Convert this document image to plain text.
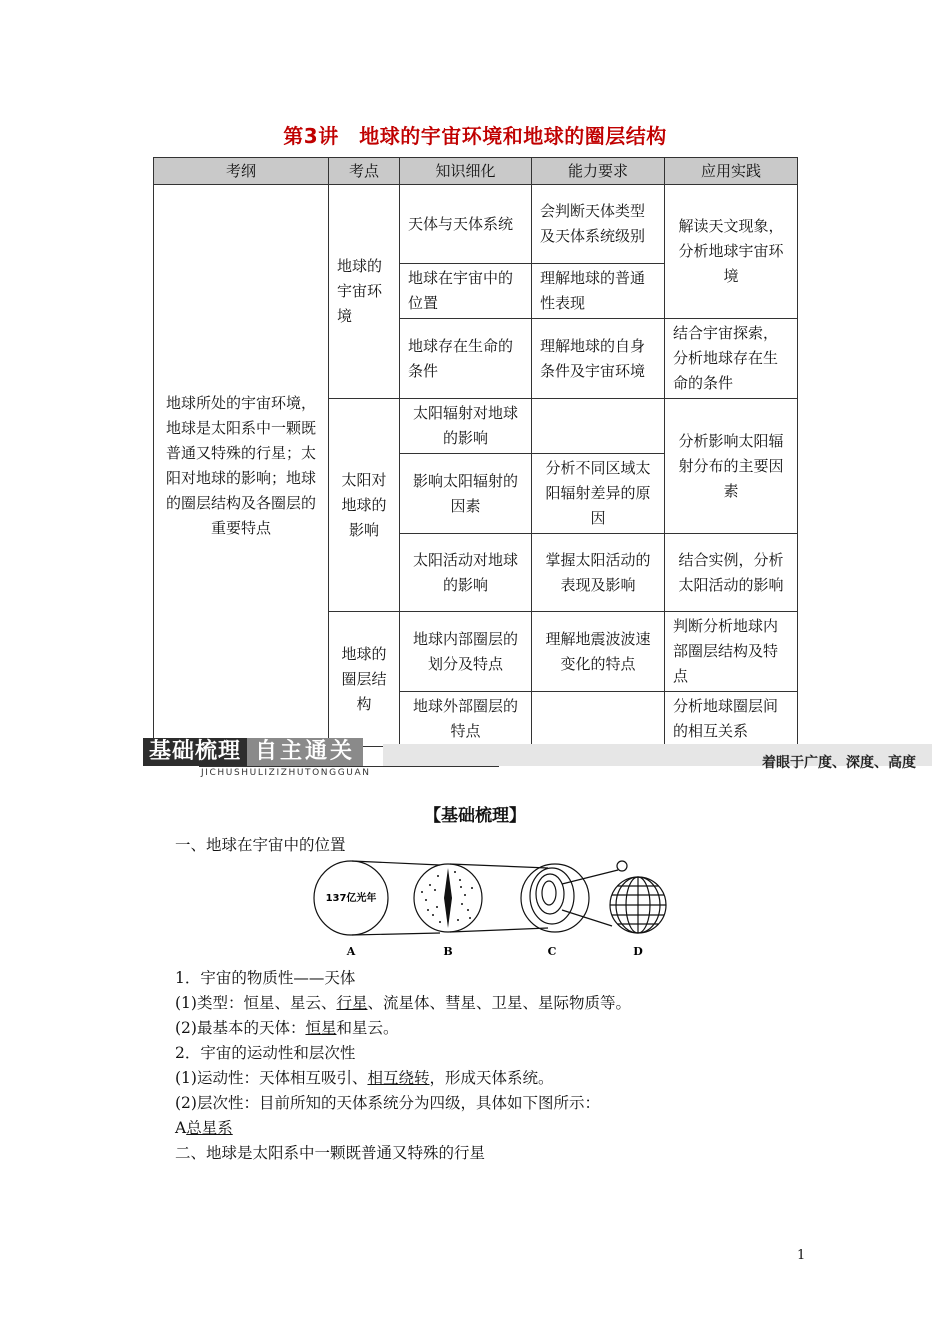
第3讲　地球的宇宙环境和地球的圈层结构
考纲	考点	知识细化	能力要求	应用实践
地球所处的宇宙环境，地球是太阳系中一颗既普通又特殊的行星；太阳对地球的影响；地球的圈层结构及各圈层的重要特点	地球的宇宙环境	天体与天体系统	会判断天体类型及天体系统级别	解读天文现象，分析地球宇宙环境
		地球在宇宙中的位置	理解地球的普通性表现	
		地球存在生命的条件	理解地球的自身条件及宇宙环境	结合宇宙探索，分析地球存在生命的条件
	太阳对地球的影响	太阳辐射对地球的影响		分析影响太阳辐射分布的主要因素
		影响太阳辐射的因素	分析不同区域太阳辐射差异的原因	
		太阳活动对地球的影响	掌握太阳活动的表现及影响	结合实例，分析太阳活动的影响
	地球的圈层结构	地球内部圈层的划分及特点	理解地震波波速变化的特点	判断分析地球内部圈层结构及特点
		地球外部圈层的特点		分析地球圈层间的相互关系
着眼于广度、深度、高度
基础梳理 自主通关
JICHUSHULIZIZHUTONGGUAN
【基础梳理】
一、地球在宇宙中的位置
137亿光年
A	B	C	D
1．宇宙的物质性——天体
(1)类型：恒星、星云、行星、流星体、彗星、卫星、星际物质等。
(2)最基本的天体：恒星和星云。
2．宇宙的运动性和层次性
(1)运动性：天体相互吸引、相互绕转，形成天体系统。
(2)层次性：目前所知的天体系统分为四级，具体如下图所示：
A总星系
二、地球是太阳系中一颗既普通又特殊的行星
1
